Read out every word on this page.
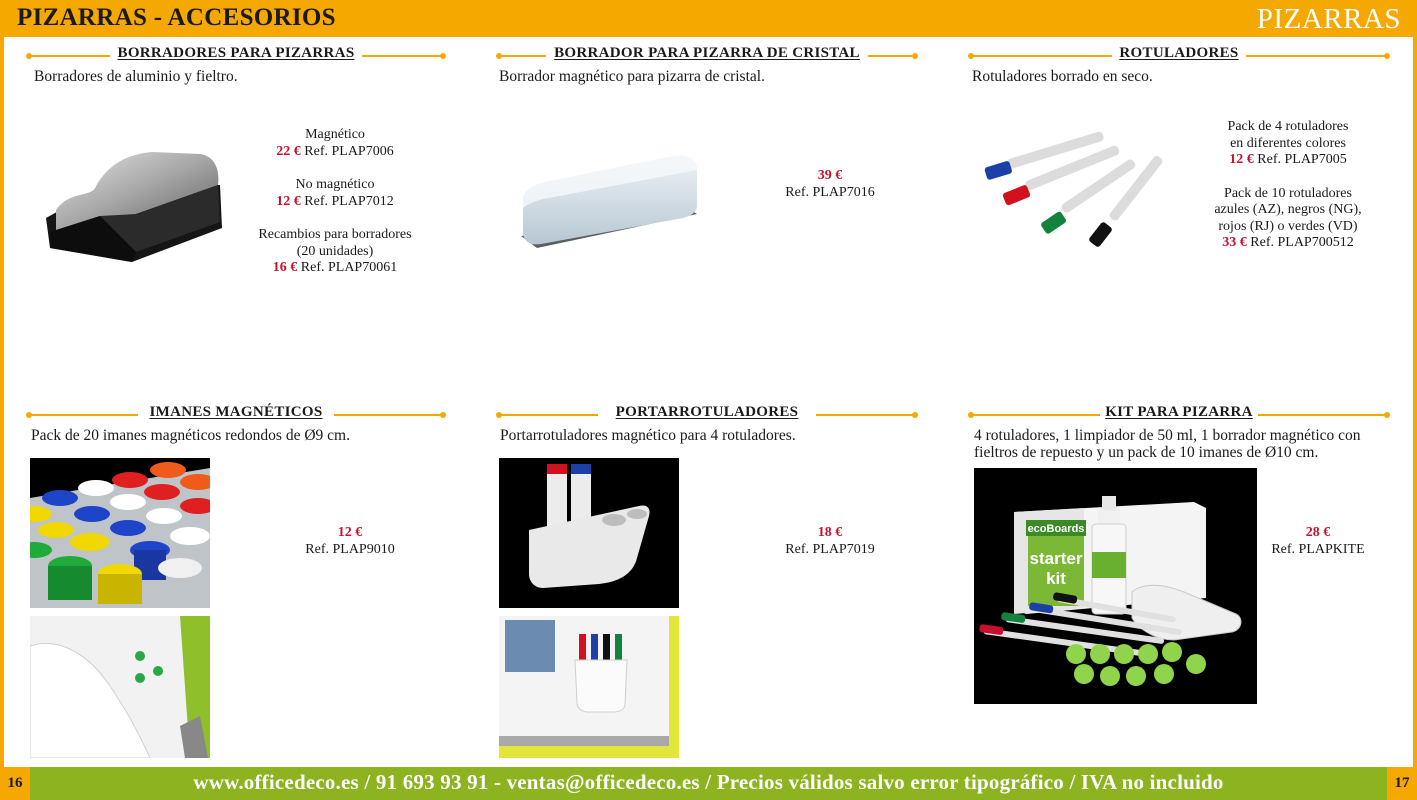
PIZARRAS - ACCESORIOS	PIZARRAS
BORRADORES PARA PIZARRAS
Borradores de aluminio y fieltro.
Magnético
22 € Ref. PLAP7006
No magnético
12 € Ref. PLAP7012
Recambios para borradores
(20 unidades)
16 € Ref. PLAP70061
BORRADOR PARA PIZARRA DE CRISTAL
Borrador magnético para pizarra de cristal.
39 €
Ref. PLAP7016
ROTULADORES
Rotuladores borrado en seco.
Pack de 4 rotuladores
en diferentes colores
12 € Ref. PLAP7005
Pack de 10 rotuladores
azules (AZ), negros (NG),
rojos (RJ) o verdes (VD)
33 € Ref. PLAP700512
IMANES MAGNÉTICOS
Pack de 20 imanes magnéticos redondos de Ø9 cm.
12 €
Ref. PLAP9010
PORTARROTULADORES
Portarrotuladores magnético para 4 rotuladores.
18 €
Ref. PLAP7019
KIT PARA PIZARRA
4 rotuladores, 1 limpiador de 50 ml, 1 borrador magnético con
fieltros de repuesto y un pack de 10 imanes de Ø10 cm.
ecoBoards
starter
kit
28 €
Ref. PLAPKITE
16	www.officedeco.es / 91 693 93 91 - ventas@officedeco.es / Precios válidos salvo error tipográfico / IVA no incluido	17
